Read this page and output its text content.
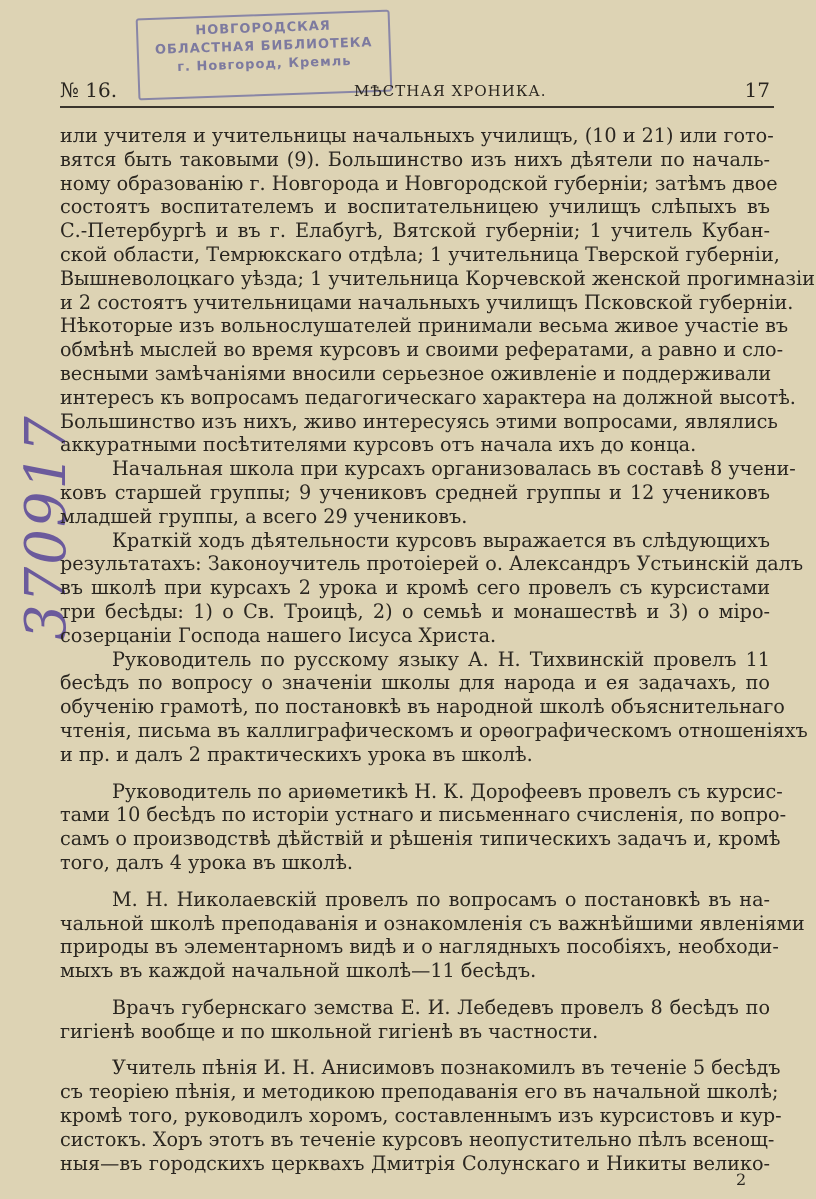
НОВГОРОДСКАЯ
ОБЛАСТНАЯ БИБЛИОТЕКА
г. Новгород, Кремль
№ 16.	МѢСТНАЯ ХРОНИКА.	17
370917
или учителя и учительницы начальныхъ училищъ, (10 и 21) или гото-
вятся быть таковыми (9). Большинство изъ нихъ дѣятели по началь-
ному образованію г. Новгорода и Новгородской губерніи; затѣмъ двое
состоятъ воспитателемъ и воспитательницею училищъ слѣпыхъ въ
С.-Петербургѣ и въ г. Елабугѣ, Вятской губерніи; 1 учитель Кубан-
ской области, Темрюкскаго отдѣла; 1 учительница Тверской губерніи,
Вышневолоцкаго уѣзда; 1 учительница Корчевской женской прогимназіи
и 2 состоятъ учительницами начальныхъ училищъ Псковской губерніи.
Нѣкоторые изъ вольнослушателей принимали весьма живое участіе въ
обмѣнѣ мыслей во время курсовъ и своими рефератами, а равно и сло-
весными замѣчаніями вносили серьезное оживленіе и поддерживали
интересъ къ вопросамъ педагогическаго характера на должной высотѣ.
Большинство изъ нихъ, живо интересуясь этими вопросами, являлись
аккуратными посѣтителями курсовъ отъ начала ихъ до конца.
Начальная школа при курсахъ организовалась въ составѣ 8 учени-
ковъ старшей группы; 9 учениковъ средней группы и 12 учениковъ
младшей группы, а всего 29 учениковъ.
Краткій ходъ дѣятельности курсовъ выражается въ слѣдующихъ
результатахъ: Законоучитель протоіерей о. Александръ Устьинскій далъ
въ школѣ при курсахъ 2 урока и кромѣ сего провелъ съ курсистами
три бесѣды: 1) о Св. Троицѣ, 2) о семьѣ и монашествѣ и 3) о міро-
созерцаніи Господа нашего Іисуса Христа.
Руководитель по русскому языку А. Н. Тихвинскій провелъ 11
бесѣдъ по вопросу о значеніи школы для народа и ея задачахъ, по
обученію грамотѣ, по постановкѣ въ народной школѣ объяснительнаго
чтенія, письма въ каллиграфическомъ и орѳографическомъ отношеніяхъ
и пр. и далъ 2 практическихъ урока въ школѣ.
Руководитель по ариѳметикѣ Н. К. Дорофеевъ провелъ съ курсис-
тами 10 бесѣдъ по исторіи устнаго и письменнаго счисленія, по вопро-
самъ о производствѣ дѣйствій и рѣшенія типическихъ задачъ и, кромѣ
того, далъ 4 урока въ школѣ.
М. Н. Николаевскій провелъ по вопросамъ о постановкѣ въ на-
чальной школѣ преподаванія и ознакомленія съ важнѣйшими явленіями
природы въ элементарномъ видѣ и о наглядныхъ пособіяхъ, необходи-
мыхъ въ каждой начальной школѣ—11 бесѣдъ.
Врачъ губернскаго земства Е. И. Лебедевъ провелъ 8 бесѣдъ по
гигіенѣ вообще и по школьной гигіенѣ въ частности.
Учитель пѣнія И. Н. Анисимовъ познакомилъ въ теченіе 5 бесѣдъ
съ теоріею пѣнія, и методикою преподаванія его въ начальной школѣ;
кромѣ того, руководилъ хоромъ, составленнымъ изъ курсистовъ и кур-
систокъ. Хоръ этотъ въ теченіе курсовъ неопустительно пѣлъ всенощ-
ныя—въ городскихъ церквахъ Дмитрія Солунскаго и Никиты велико-
2
